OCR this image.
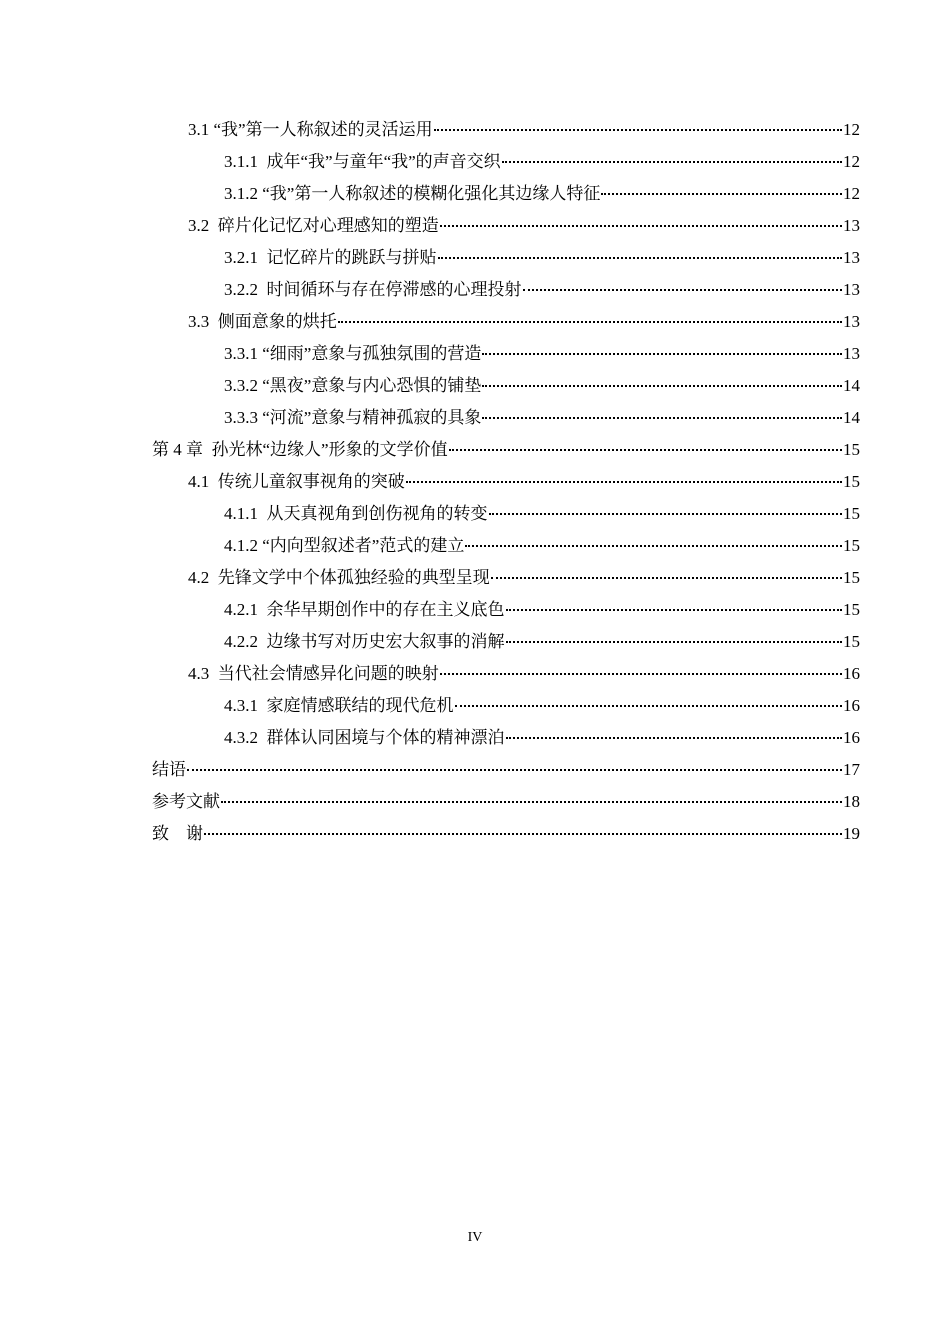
3.1 “我”第一人称叙述的灵活运用	12
3.1.1  成年“我”与童年“我”的声音交织	12
3.1.2 “我”第一人称叙述的模糊化强化其边缘人特征	12
3.2  碎片化记忆对心理感知的塑造	13
3.2.1  记忆碎片的跳跃与拼贴	13
3.2.2  时间循环与存在停滞感的心理投射	13
3.3  侧面意象的烘托	13
3.3.1 “细雨”意象与孤独氛围的营造	13
3.3.2 “黑夜”意象与内心恐惧的铺垫	14
3.3.3 “河流”意象与精神孤寂的具象	14
第 4 章  孙光林“边缘人”形象的文学价值	15
4.1  传统儿童叙事视角的突破	15
4.1.1  从天真视角到创伤视角的转变	15
4.1.2 “内向型叙述者”范式的建立	15
4.2  先锋文学中个体孤独经验的典型呈现	15
4.2.1  余华早期创作中的存在主义底色	15
4.2.2  边缘书写对历史宏大叙事的消解	15
4.3  当代社会情感异化问题的映射	16
4.3.1  家庭情感联结的现代危机	16
4.3.2  群体认同困境与个体的精神漂泊	16
结语	17
参考文献	18
致    谢	19
IV
